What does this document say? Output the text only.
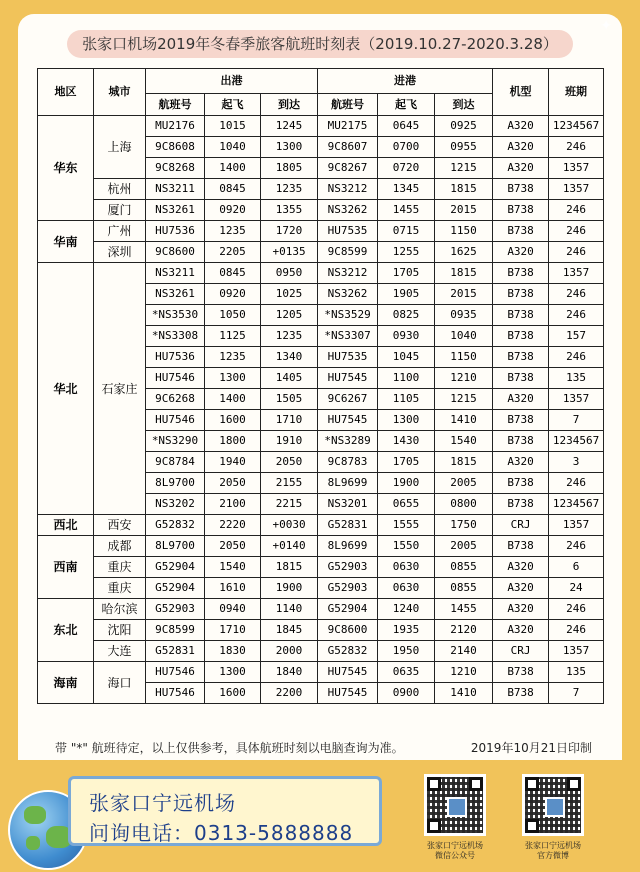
✦
张家口机场2019年冬春季旅客航班时刻表（2019.10.27-2020.3.28）
地区	城市	出港			进港			机型	班期
		航班号	起飞	到达	航班号	起飞	到达		
华东	上海	MU2176	1015	1245	MU2175	0645	0925	A320	1234567
		9C8608	1040	1300	9C8607	0700	0955	A320	246
		9C8268	1400	1805	9C8267	0720	1215	A320	1357
	杭州	NS3211	0845	1235	NS3212	1345	1815	B738	1357
	厦门	NS3261	0920	1355	NS3262	1455	2015	B738	246
华南	广州	HU7536	1235	1720	HU7535	0715	1150	B738	246
	深圳	9C8600	2205	+0135	9C8599	1255	1625	A320	246
华北	石家庄	NS3211	0845	0950	NS3212	1705	1815	B738	1357
		NS3261	0920	1025	NS3262	1905	2015	B738	246
		*NS3530	1050	1205	*NS3529	0825	0935	B738	246
		*NS3308	1125	1235	*NS3307	0930	1040	B738	157
		HU7536	1235	1340	HU7535	1045	1150	B738	246
		HU7546	1300	1405	HU7545	1100	1210	B738	135
		9C6268	1400	1505	9C6267	1105	1215	A320	1357
		HU7546	1600	1710	HU7545	1300	1410	B738	7
		*NS3290	1800	1910	*NS3289	1430	1540	B738	1234567
		9C8784	1940	2050	9C8783	1705	1815	A320	3
		8L9700	2050	2155	8L9699	1900	2005	B738	246
		NS3202	2100	2215	NS3201	0655	0800	B738	1234567
西北	西安	G52832	2220	+0030	G52831	1555	1750	CRJ	1357
西南	成都	8L9700	2050	+0140	8L9699	1550	2005	B738	246
	重庆	G52904	1540	1815	G52903	0630	0855	A320	6
	重庆	G52904	1610	1900	G52903	0630	0855	A320	24
东北	哈尔滨	G52903	0940	1140	G52904	1240	1455	A320	246
	沈阳	9C8599	1710	1845	9C8600	1935	2120	A320	246
	大连	G52831	1830	2000	G52832	1950	2140	CRJ	1357
海南	海口	HU7546	1300	1840	HU7545	0635	1210	B738	135
		HU7546	1600	2200	HU7545	0900	1410	B738	7
带 "*" 航班待定，以上仅供参考，具体航班时刻以电脑查询为准。	2019年10月21日印制
张家口宁远机场
问询电话：0313-5888888
张家口宁远机场
微信公众号
张家口宁远机场
官方微博
